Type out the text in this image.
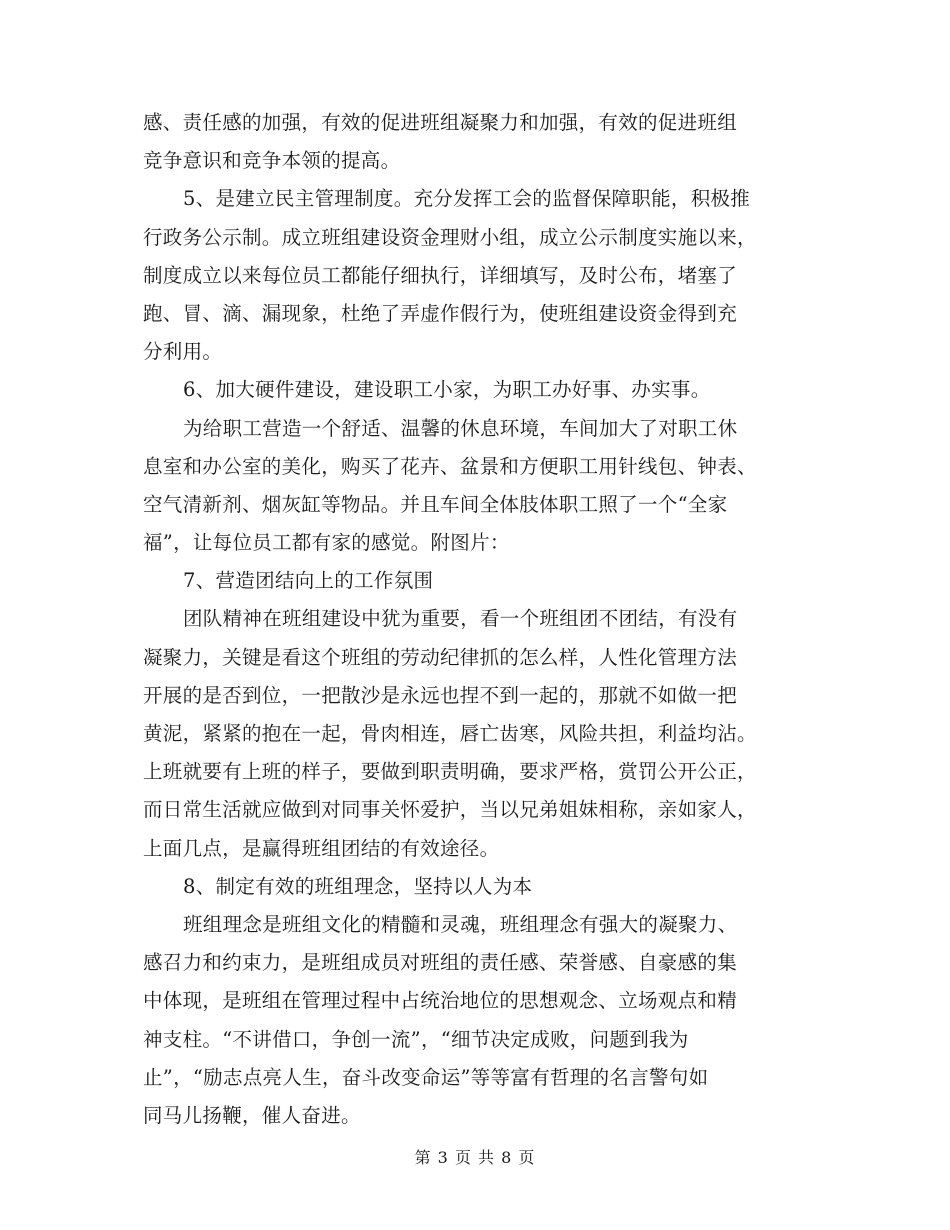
感、责任感的加强，有效的促进班组凝聚力和加强，有效的促进班组
竞争意识和竞争本领的提高。
5、是建立民主管理制度。充分发挥工会的监督保障职能，积极推
行政务公示制。成立班组建设资金理财小组，成立公示制度实施以来，
制度成立以来每位员工都能仔细执行，详细填写，及时公布，堵塞了
跑、冒、滴、漏现象，杜绝了弄虚作假行为，使班组建设资金得到充
分利用。
6、加大硬件建设，建设职工小家，为职工办好事、办实事。
为给职工营造一个舒适、温馨的休息环境，车间加大了对职工休
息室和办公室的美化，购买了花卉、盆景和方便职工用针线包、钟表、
空气清新剂、烟灰缸等物品。并且车间全体肢体职工照了一个“全家
福”，让每位员工都有家的感觉。附图片：
7、营造团结向上的工作氛围
团队精神在班组建设中犹为重要，看一个班组团不团结，有没有
凝聚力，关键是看这个班组的劳动纪律抓的怎么样，人性化管理方法
开展的是否到位，一把散沙是永远也捏不到一起的，那就不如做一把
黄泥，紧紧的抱在一起，骨肉相连，唇亡齿寒，风险共担，利益均沾。
上班就要有上班的样子，要做到职责明确，要求严格，赏罚公开公正，
而日常生活就应做到对同事关怀爱护，当以兄弟姐妹相称，亲如家人，
上面几点，是赢得班组团结的有效途径。
8、制定有效的班组理念，坚持以人为本
班组理念是班组文化的精髓和灵魂，班组理念有强大的凝聚力、
感召力和约束力，是班组成员对班组的责任感、荣誉感、自豪感的集
中体现，是班组在管理过程中占统治地位的思想观念、立场观点和精
神支柱。“不讲借口，争创一流”，“细节决定成败，问题到我为
止”，“励志点亮人生，奋斗改变命运”等等富有哲理的名言警句如
同马儿扬鞭，催人奋进。
第 3 页 共 8 页
